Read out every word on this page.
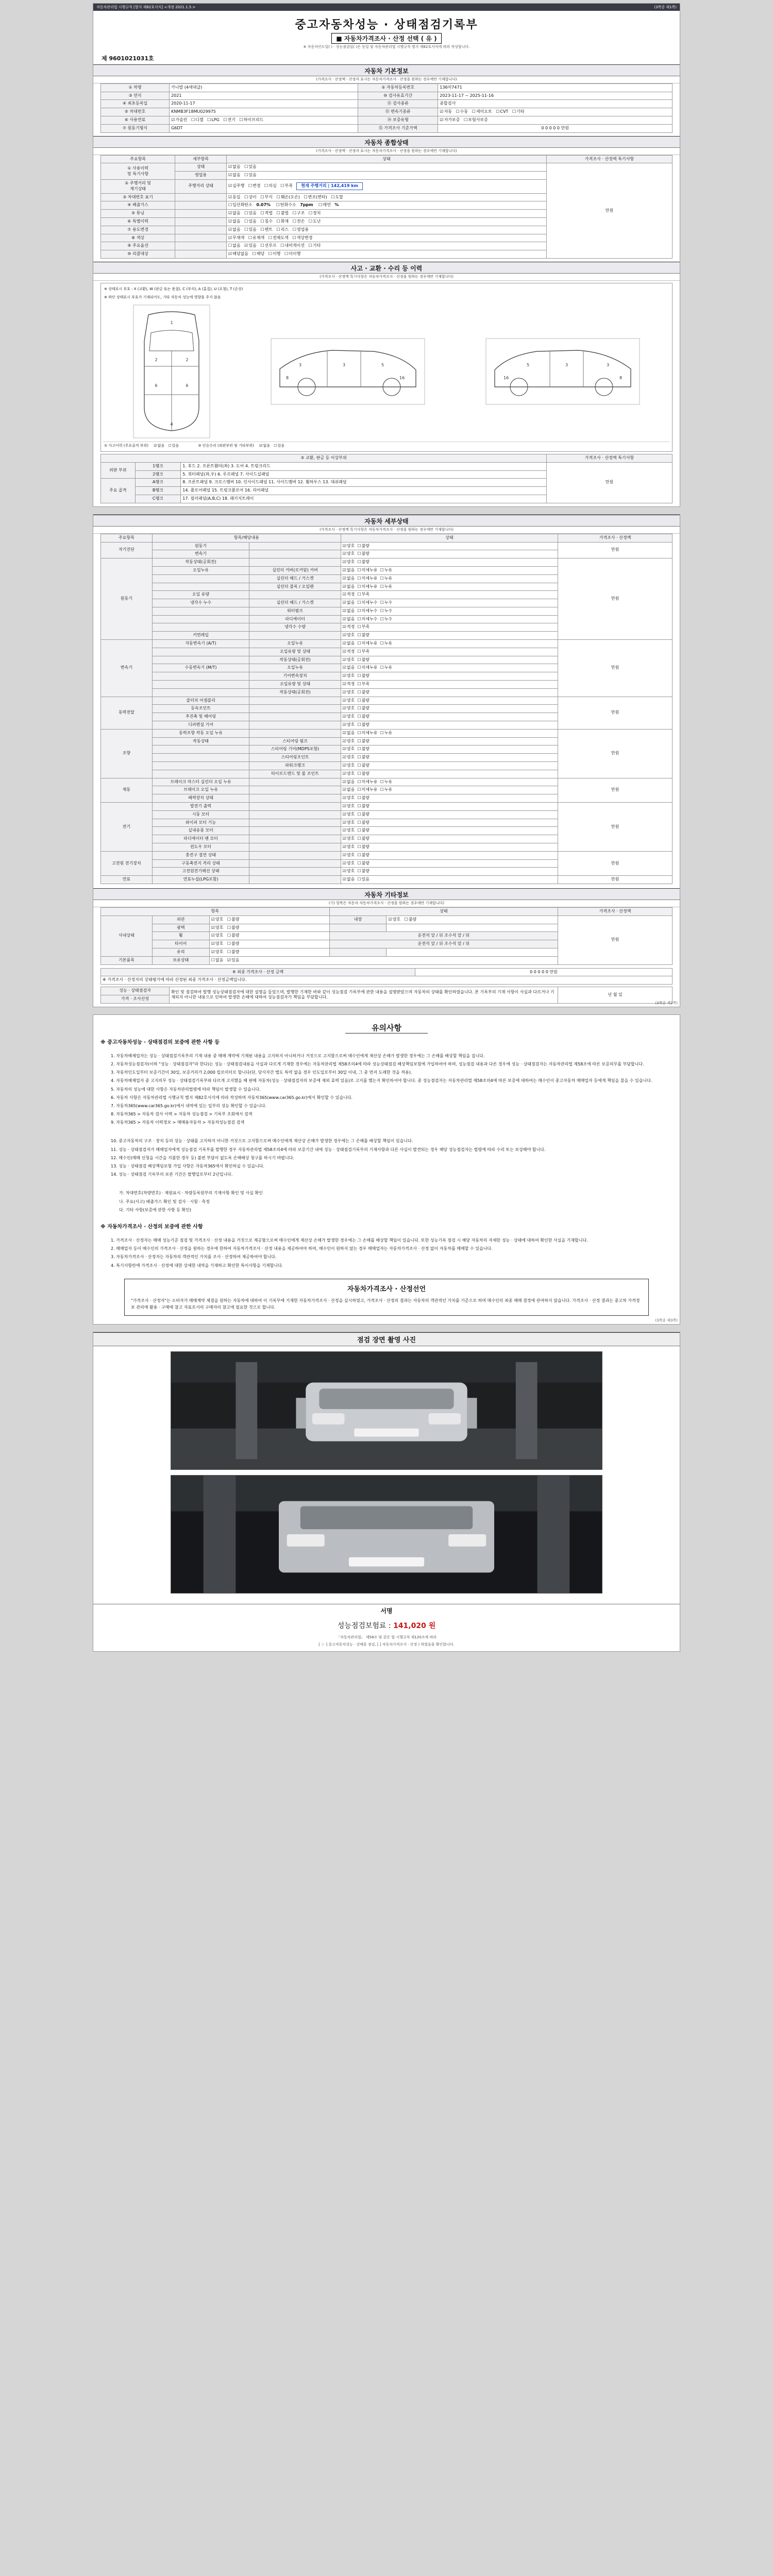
자동차관리법 시행규칙 [별지 제82호서식] <개정 2021.1.5.>	(3쪽중 제1쪽)
중고자동차성능 · 상태점검기록부
■ 자동차가격조사 · 산정 선택 ( 유 )
※ 자동차인도일( ) · 성능점검일( )은 동일 및 자동차관리법 시행규칙 별지 제82호서식에 따라 작성합니다.
제 9601021031호
자동차 기본정보
(가격조사 · 산정액 · 산정자 표시는 자동차가격조사 · 산정을 원하는 경우에만 기재합니다)
① 차명	카니발 (4세대급)	② 자동차등록번호	136머7471
③ 연식	2021	⑩ 검사유효기간	2023-11-17 ~ 2025-11-16
④ 최초등록일	2020-11-17	⑪ 검사종류	종합검사
⑤ 차대번호	KNMB3F18MU029975	⑫ 변속기종류	☑ 자동 ☐ 수동 ☐ 세미오토 ☐ CVT ☐ 기타
⑥ 사용연료	☑ 가솔린 ☐ 디젤 ☐ LPG ☐ 전기 ☐ 하이브리드	⑭ 보증유형	☑ 자가보증 ☐ 보험사보증
⑦ 원동기형식	G6DT	⑮ 가격조사 기준가액	0 0 0 0 0 만원
자동차 종합상태
(가격조사 · 산정액 · 산정자 표시는 자동차가격조사 · 산정을 원하는 경우에만 기재합니다)
주요항목	세부항목	상태	가격조사 · 산정액 특기사항
① 사용이력
및 특기사항	상태	☑ 없음 ☐ 있음	만원
	영업용	☑ 없음 ☐ 있음
② 주행거리 및
계기상태	주행거리 상태	☑ 실주행 ☐ 변경 ☐ 의심 ☐ 부족 현재 주행거리 | 142,419 km
③ 차대번호 표기		☑ 동일 ☐ 상이 ☐ 부식 ☐ 훼손(오손) ☐ 변조(변타) ☐ 도말
④ 배출가스		☐ 일산화탄소 0.07% ☐ 탄화수소 7ppm ☐ 매연 %
⑤ 튜닝		☑ 없음 ☐ 있음 ☐ 적법 ☐ 불법 ☐ 구조 ☐ 장치
⑥ 특별이력		☑ 없음 ☐ 있음 ☐ 침수 ☐ 화재 ☐ 전손 ☐ 도난
⑦ 용도변경		☑ 없음 ☐ 있음 ☐ 렌트 ☐ 리스 ☐ 영업용
⑧ 색상		☑ 무채색 ☐ 유채색 ☐ 전체도색 ☐ 색상변경
⑨ 주요옵션		☐ 없음 ☑ 있음 ☐ 선루프 ☐ 내비게이션 ☐ 기타
⑩ 리콜대상		☑ 해당없음 ☐ 해당 ☐ 이행 ☐ 미이행
사고 · 교환 · 수리 등 이력
(가격조사 · 산정액 특기사항은 자동차가격조사 · 산정을 원하는 경우에만 기재합니다)
※ 상태표시 부호 : X (교환), W (판금 또는 용접), C (부식), A (흠집), U (요철), T (손상)
※ 하단 상태표시 부호가 기재되어도, 기타 자동차 성능에 영향을 주지 않음
1
2	2
6	6
4
3	3	5
16
8
3
3
5
16	8
① 사고이력 (주요골격 부위)	☑ 없음 ☐ 있음	② 단순수리 (외판부위 및 기타부위)	☑ 없음 ☐ 있음
③ 교환, 판금 등 이상부위			가격조사 · 산정액 특기사항
외판 부위	1랭크	1. 후드 2. 프론트휀더(좌) 3. 도어 4. 트렁크리드	만원
	2랭크	5. 쿼터패널(좌,우) 6. 루프패널 7. 사이드실패널	
주요 골격	A랭크	8. 프론트패널 9. 크로스멤버 10. 인사이드패널 11. 사이드멤버 12. 휠하우스 13. 대쉬패널	
	B랭크	14. 플로어패널 15. 트렁크플로어 16. 리어패널	
	C랭크	17. 필러패널(A,B,C) 18. 패키지트레이	
자동차 세부상태
(가격조사 · 산정액 특기사항은 자동차가격조사 · 산정을 원하는 경우에만 기재합니다)
주요항목	항목/해당내용		상태	가격조사 · 산정액
자기진단	원동기		☑ 양호 ☐ 불량	만원
	변속기		☑ 양호 ☐ 불량
원동기	작동상태(공회전)		☑ 양호 ☐ 불량	만원
	오일누유	실린더 커버(로커암) 커버	☑ 없음 ☐ 미세누유 ☐ 누유
		실린더 헤드 / 가스켓	☑ 없음 ☐ 미세누유 ☐ 누유
		실린더 블록 / 오일팬	☑ 없음 ☐ 미세누유 ☐ 누유
	오일 유량		☑ 적정 ☐ 부족
	냉각수 누수	실린더 헤드 / 가스켓	☑ 없음 ☐ 미세누수 ☐ 누수
		워터펌프	☑ 없음 ☐ 미세누수 ☐ 누수
		라디에이터	☑ 없음 ☐ 미세누수 ☐ 누수
		냉각수 수량	☑ 적정 ☐ 부족
	커먼레일		☑ 양호 ☐ 불량
변속기	자동변속기 (A/T)	오일누유	☑ 없음 ☐ 미세누유 ☐ 누유	만원
		오일유량 및 상태	☑ 적정 ☐ 부족
		작동상태(공회전)	☑ 양호 ☐ 불량
	수동변속기 (M/T)	오일누유	☑ 없음 ☐ 미세누유 ☐ 누유
		기어변속장치	☑ 양호 ☐ 불량
		오일유량 및 상태	☑ 적정 ☐ 부족
		작동상태(공회전)	☑ 양호 ☐ 불량
동력전달	클러치 어셈블리		☑ 양호 ☐ 불량	만원
	등속조인트		☑ 양호 ☐ 불량
	추진축 및 베어링		☑ 양호 ☐ 불량
	디퍼렌셜 기어		☑ 양호 ☐ 불량
조향	동력조향 작동 오일 누유		☑ 없음 ☐ 미세누유 ☐ 누유	만원
	작동상태	스티어링 펌프	☑ 양호 ☐ 불량
		스티어링 기어(MDPS포함)	☑ 양호 ☐ 불량
		스티어링조인트	☑ 양호 ☐ 불량
		파워크랭크	☑ 양호 ☐ 불량
		타이로드엔드 및 볼 조인트	☑ 양호 ☐ 불량
제동	브레이크 마스터 실린더 오일 누유		☑ 없음 ☐ 미세누유 ☐ 누유	만원
	브레이크 오일 누유		☑ 없음 ☐ 미세누유 ☐ 누유
	배력장치 상태		☑ 양호 ☐ 불량
전기	발전기 출력		☑ 양호 ☐ 불량	만원
	시동 모터		☑ 양호 ☐ 불량
	와이퍼 모터 기능		☑ 양호 ☐ 불량
	실내송풍 모터		☑ 양호 ☐ 불량
	라디에이터 팬 모터		☑ 양호 ☐ 불량
	윈도우 모터		☑ 양호 ☐ 불량
고전원 전기장치	충전구 절연 상태		☑ 양호 ☐ 불량	만원
	구동축전지 격리 상태		☑ 양호 ☐ 불량
	고전원전기배선 상태		☑ 양호 ☐ 불량
연료	연료누설(LPG포함)		☑ 없음 ☐ 있음	만원
자동차 기타정보
(기) 항목은 자동차 자동차가격조사 · 산정을 원하는 경우에만 기재합니다)
항목			상태		가격조사 · 산정액
사내상태	외관	☑ 양호 ☐ 불량	내장	☑ 양호 ☐ 불량	만원
	광택	☑ 양호 ☐ 불량		
	휠	☑ 양호 ☐ 불량	운전석 앞 / 뒤 조수석 앞 / 뒤		
	타이어	☑ 양호 ☐ 불량	운전석 앞 / 뒤 조수석 앞 / 뒤		
	유리	☑ 양호 ☐ 불량		
기본품목	보유상태	☐ 없음 ☑ 있음
※ 최종 가격조사 · 산정 금액	0 0 0 0 0 만원
※ 가격조사 · 산정자의 상태평가에 따라 산정된 최종 가격조사 · 산정금액입니다.
성능 · 상태점검자	확인 및 점검하여 발행 성능상태점검자에 대한 설명을 들었으며, 발행한 기재한 바와 같이 성능점검 기록부에 관한 내용을 설명받았으며 자동차의 상태를 확인하였습니다. 본 기록부의 기재 사항이 사실과 다르거나 기재되지 아니한 내용으로 인하여 발생한 손해에 대하여 성능점검자가 책임을 부담합니다.	년 월 일
가격 · 조사산정
(3쪽중 제2쪽)
유의사항
※ 중고자동차성능 · 상태점검의 보증에 관한 사항 등
1. 자동차해체업자는 성능 · 상태점검기록부의 기재 내용 중 매매 계약에 기재된 내용을 고지하지 아니하거나 거짓으로 고지함으로써 매수인에게 재산상 손해가 발생한 경우에는 그 손해를 배상할 책임을 집니다.
2. 자동차성능점검자(이하 "성능 · 상태점검자"라 한다)는 성능 · 상태점검내용을 사실과 다르게 기재한 경우에는 자동차관리법 제58조의4에 따라 성능상태점검 배상책임보험에 가입하여야 하며, 성능점검 내용과 다른 경우에 성능 · 상태점검자는 자동차관리법 제58조에 따른 보증의무를 부담합니다.
3. 자동차인도일부터 보증기간이 30일, 보증거리가 2,000 킬로미터로 합니다(단, 당사자간 별도 특약 없을 경우 인도일로부터 30일 이내, 그 중 먼저 도래한 것을 적용).
4. 자동차해체업자 중 고지의무 성능 · 상태점검기록부와 다르게 고지했을 때 판매 자동차(성능 · 상태점검자의 보증에 제외 효력 있음)로 고지를 했는지 확인하셔야 합니다. 중 성능점검자는 자동차관리법 제58조의4에 따른 보증에 대하여는 매수인이 중고자동차 매매업자 등에게 책임을 물을 수 있습니다.
5. 자동차의 성능에 대한 사항은 자동차관리법령에 따라 책임이 발생할 수 있습니다.
6. 자동차 사항은 자동차관리법 시행규칙 별지 제82호서식에 따라 작성하며 자동차365(www.car365.go.kr)에서 확인할 수 있습니다.
7. 자동차365(www.car365.go.kr)에서 내역에 있는 일부의 성능 확인할 수 있습니다.
8. 자동차365 > 자동차 검사 이력 > 자동차 성능점검 > 기록부 조회에서 검색
9. 자동차365 > 자동차 이력정보 > 매매용자동차 > 자동차성능점검 검색
10. 중고자동차의 구조 · 장치 등의 성능 · 상태를 고지하지 아니한 거짓으로 고지함으로써 매수인에게 재산상 손해가 발생한 경우에는 그 손해를 배상할 책임이 있습니다.
11. 성능 · 상태점검자가 매매업자에게 성능점검 기록부를 발행한 경우 자동차관리법 제58조의4에 따라 보증기간 내에 성능 · 상태점검기록부의 기재사항과 다른 사실이 발견되는 경우 해당 성능점검자는 법령에 따라 수리 또는 보상해야 합니다.
12. 매수인(매매 신청을 시간을 지불한 경우 등) 불편 부담이 없도록 손해배상 청구를 하시기 바랍니다.
13. 성능 · 상태점검 배상책임보험 가입 사항은 자동차365에서 확인하실 수 있습니다.
14. 성능 · 상태점검 기록부의 보관 기간은 발행일로부터 2년입니다.
가. 차대번호(차량번호) · 제원표시 · 차량등록원부의 기재사항 확인 및 사실 확인
나. 주요(사고) 배출가스 확인 및 검사 · 시험 · 측정
다. 기타 사항(보증에 관한 사항 등 확인)
※ 자동차가격조사 · 산정의 보증에 관한 사항
1. 가격조사 · 산정자는 매매 성능기준 점검 및 가격조사 · 산정 내용을 거짓으로 제공함으로써 매수인에게 재산상 손해가 발생한 경우에는 그 손해를 배상할 책임이 있습니다. 또한 성능기록 점검 시 해당 자동차의 자세한 성능 · 상태에 대하여 확인한 사실을 기재합니다.
2. 매매업자 등이 매수인의 가격조사 · 산정을 원하는 경우에 한하여 자동차가격조사 · 산정 내용을 제공하여야 하며, 매수인이 원하지 않는 경우 매매업자는 자동차가격조사 · 산정 없이 자동차를 매매할 수 있습니다.
3. 자동차가격조사 · 산정자는 자동차의 객관적인 가치를 조사 · 산정하여 제공하여야 합니다.
4. 특기사항란에 가격조사 · 산정에 대한 상세한 내역을 기재하고 확인한 특이사항을 기재합니다.
자동차가격조사 · 산정선언
"가격조사 · 산정자"는 소비자가 매매계약 체결을 원하는 자동차에 대하여 이 기록부에 기재한 자동차가격조사 · 산정을 실시하였고, 가격조사 · 산정의 결과는 자동차의 객관적인 가치를 기준으로 하며 매수인의 최종 매매 결정에 관여하지 않습니다. 가격조사 · 산정 결과는 중고차 가격정보 관리에 활용 · 구매에 참고 자료로서의 구매자의 참고에 필요한 것으로 합니다.
(3쪽중 제3쪽)
점검 장면 촬영 사진
서명
성능점검보험료 : 141,020 원
「자동차관리법」 제58조 및 같은 법 시행규칙 제120조에 따라
[ ＞ ] 중고자동차성능 · 상태를 점검, [ ] 자동차가격조사 · 산정 ) 하였음을 확인합니다.
